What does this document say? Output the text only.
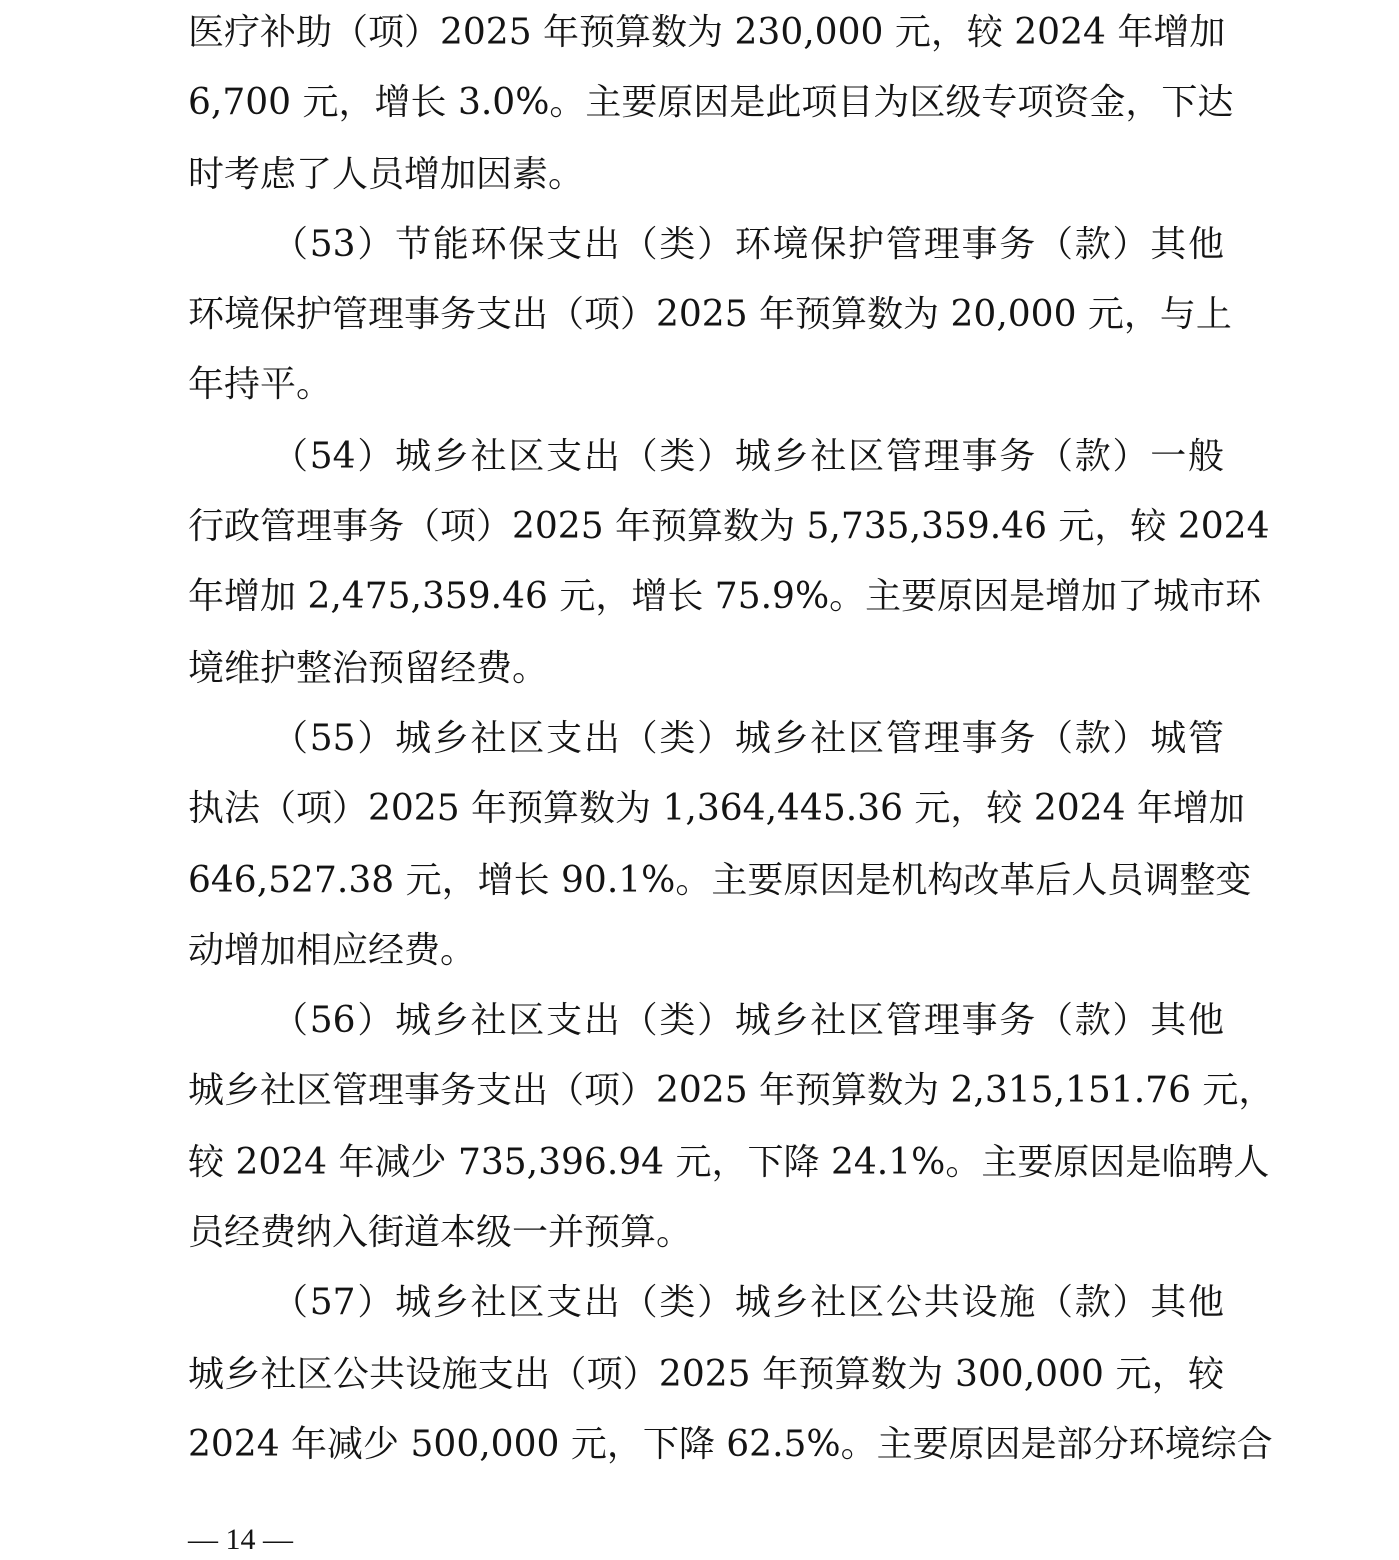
医疗补助（项）2025 年预算数为 230,000 元，较 2024 年增加
6,700 元，增长 3.0%。主要原因是此项目为区级专项资金，下达
时考虑了人员增加因素。
（53）节能环保支出（类）环境保护管理事务（款）其他
环境保护管理事务支出（项）2025 年预算数为 20,000 元，与上
年持平。
（54）城乡社区支出（类）城乡社区管理事务（款）一般
行政管理事务（项）2025 年预算数为 5,735,359.46 元，较 2024
年增加 2,475,359.46 元，增长 75.9%。主要原因是增加了城市环
境维护整治预留经费。
（55）城乡社区支出（类）城乡社区管理事务（款）城管
执法（项）2025 年预算数为 1,364,445.36 元，较 2024 年增加
646,527.38 元，增长 90.1%。主要原因是机构改革后人员调整变
动增加相应经费。
（56）城乡社区支出（类）城乡社区管理事务（款）其他
城乡社区管理事务支出（项）2025 年预算数为 2,315,151.76 元，
较 2024 年减少 735,396.94 元，下降 24.1%。主要原因是临聘人
员经费纳入街道本级一并预算。
（57）城乡社区支出（类）城乡社区公共设施（款）其他
城乡社区公共设施支出（项）2025 年预算数为 300,000 元，较
2024 年减少 500,000 元，下降 62.5%。主要原因是部分环境综合
— 14 —
